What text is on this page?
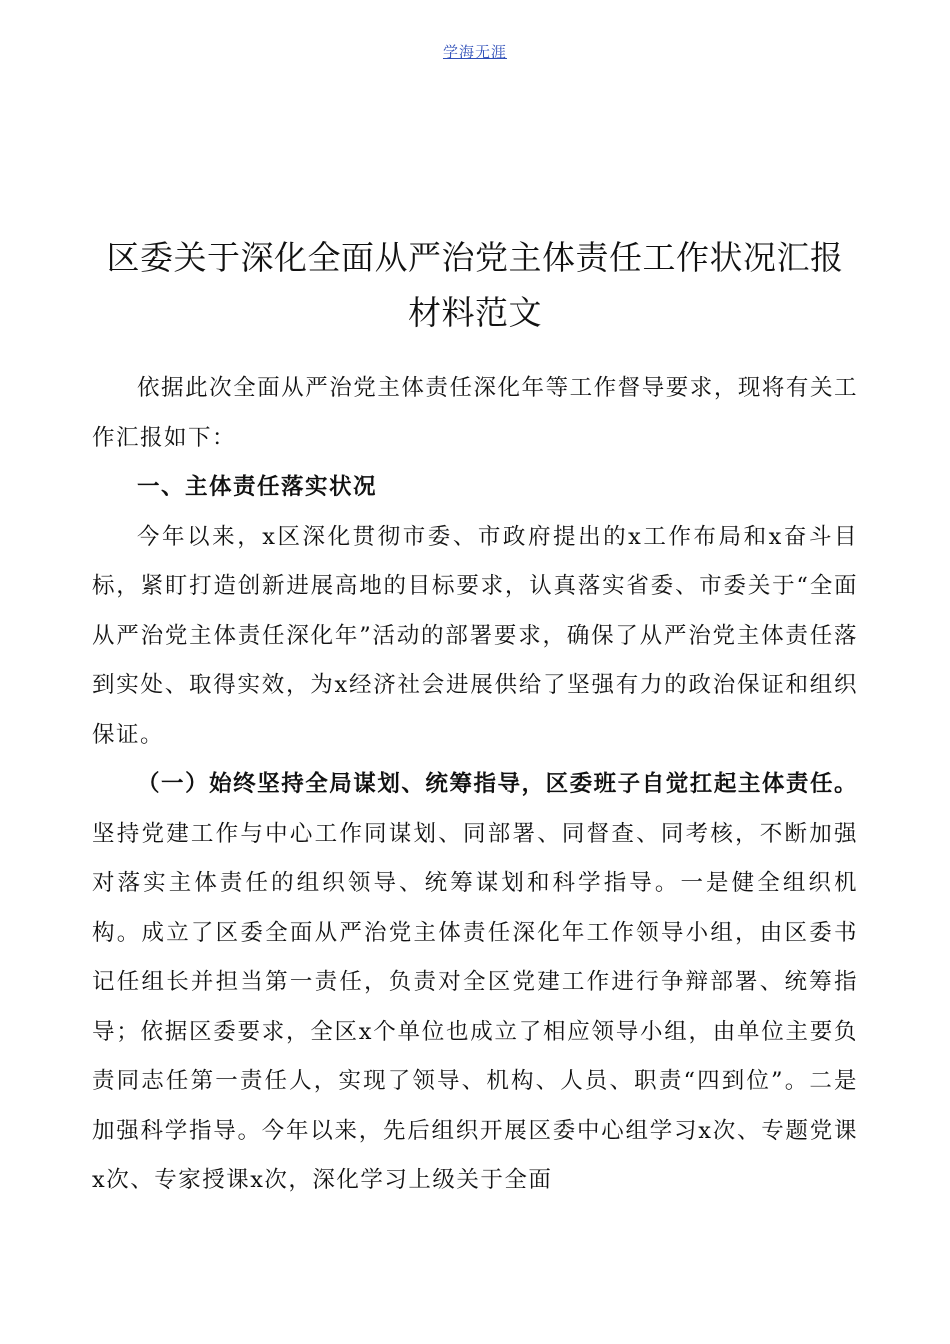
学海无涯
区委关于深化全面从严治党主体责任工作状况汇报材料范文

依据此次全面从严治党主体责任深化年等工作督导要求，现将有关工作汇报如下：

一、主体责任落实状况

今年以来，x区深化贯彻市委、市政府提出的x工作布局和x奋斗目标，紧盯打造创新进展高地的目标要求，认真落实省委、市委关于“全面从严治党主体责任深化年”活动的部署要求，确保了从严治党主体责任落到实处、取得实效，为x经济社会进展供给了坚强有力的政治保证和组织保证。

（一）始终坚持全局谋划、统筹指导，区委班子自觉扛起主体责任。坚持党建工作与中心工作同谋划、同部署、同督查、同考核，不断加强对落实主体责任的组织领导、统筹谋划和科学指导。一是健全组织机构。成立了区委全面从严治党主体责任深化年工作领导小组，由区委书记任组长并担当第一责任，负责对全区党建工作进行争辩部署、统筹指导；依据区委要求，全区x个单位也成立了相应领导小组，由单位主要负责同志任第一责任人，实现了领导、机构、人员、职责“四到位”。二是加强科学指导。今年以来，先后组织开展区委中心组学习x次、专题党课x次、专家授课x次，深化学习上级关于全面
